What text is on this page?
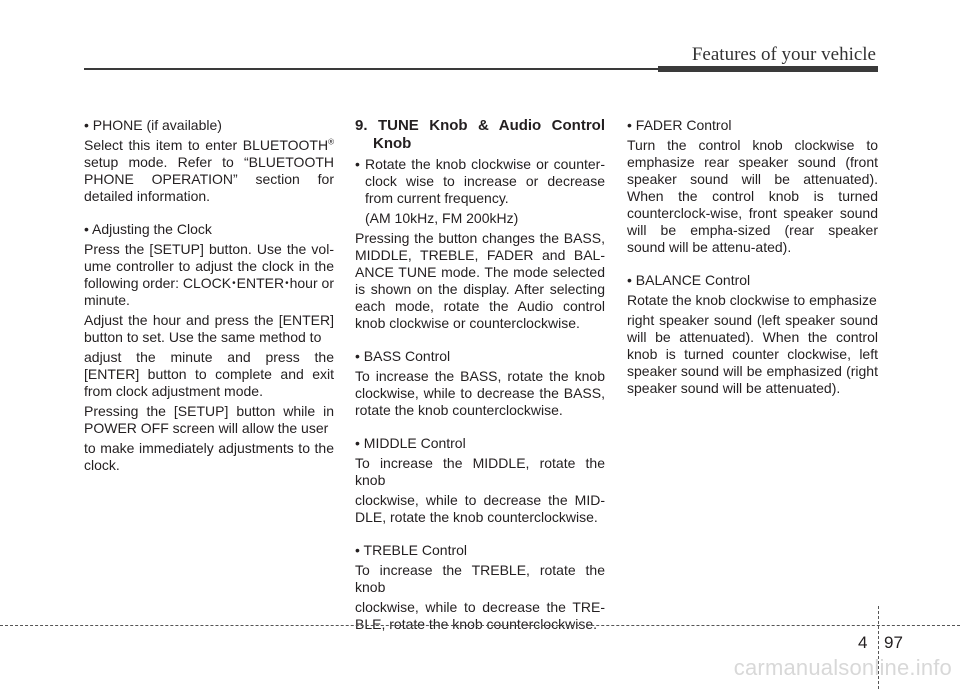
Features of your vehicle

• PHONE (if available)

Select this item to enter BLUETOOTH® setup mode. Refer to “BLUETOOTH PHONE OPERATION” section for detailed information.

• Adjusting the Clock

Press the [SETUP] button. Use the vol-ume controller to adjust the clock in the following order: CLOCK•ENTER•hour or minute.

Adjust the hour and press the [ENTER] button to set. Use the same method to

adjust the minute and press the [ENTER] button to complete and exit from clock adjustment mode.

Pressing the [SETUP] button while in POWER OFF screen will allow the user

to make immediately adjustments to the clock.

9. TUNE Knob & Audio Control Knob

• Rotate the knob clockwise or counter-clock wise to increase or decrease from current frequency.

(AM 10kHz, FM 200kHz)

Pressing the button changes the BASS, MIDDLE, TREBLE, FADER and BAL-ANCE TUNE mode. The mode selected is shown on the display. After selecting each mode, rotate the Audio control knob clockwise or counterclockwise.

• BASS Control

To increase the BASS, rotate the knob clockwise, while to decrease the BASS, rotate the knob counterclockwise.

• MIDDLE Control

To increase the MIDDLE, rotate the knob

clockwise, while to decrease the MID-DLE, rotate the knob counterclockwise.

• TREBLE Control

To increase the TREBLE, rotate the knob

clockwise, while to decrease the TRE-BLE, rotate the knob counterclockwise.

• FADER Control

Turn the control knob clockwise to emphasize rear speaker sound (front speaker sound will be attenuated). When the control knob is turned counterclock-wise, front speaker sound will be empha-sized (rear speaker sound will be attenu-ated).

• BALANCE Control

Rotate the knob clockwise to emphasize

right speaker sound (left speaker sound will be attenuated). When the control knob is turned counter clockwise, left speaker sound will be emphasized (right speaker sound will be attenuated).

4 97
carmanualsonline.info
